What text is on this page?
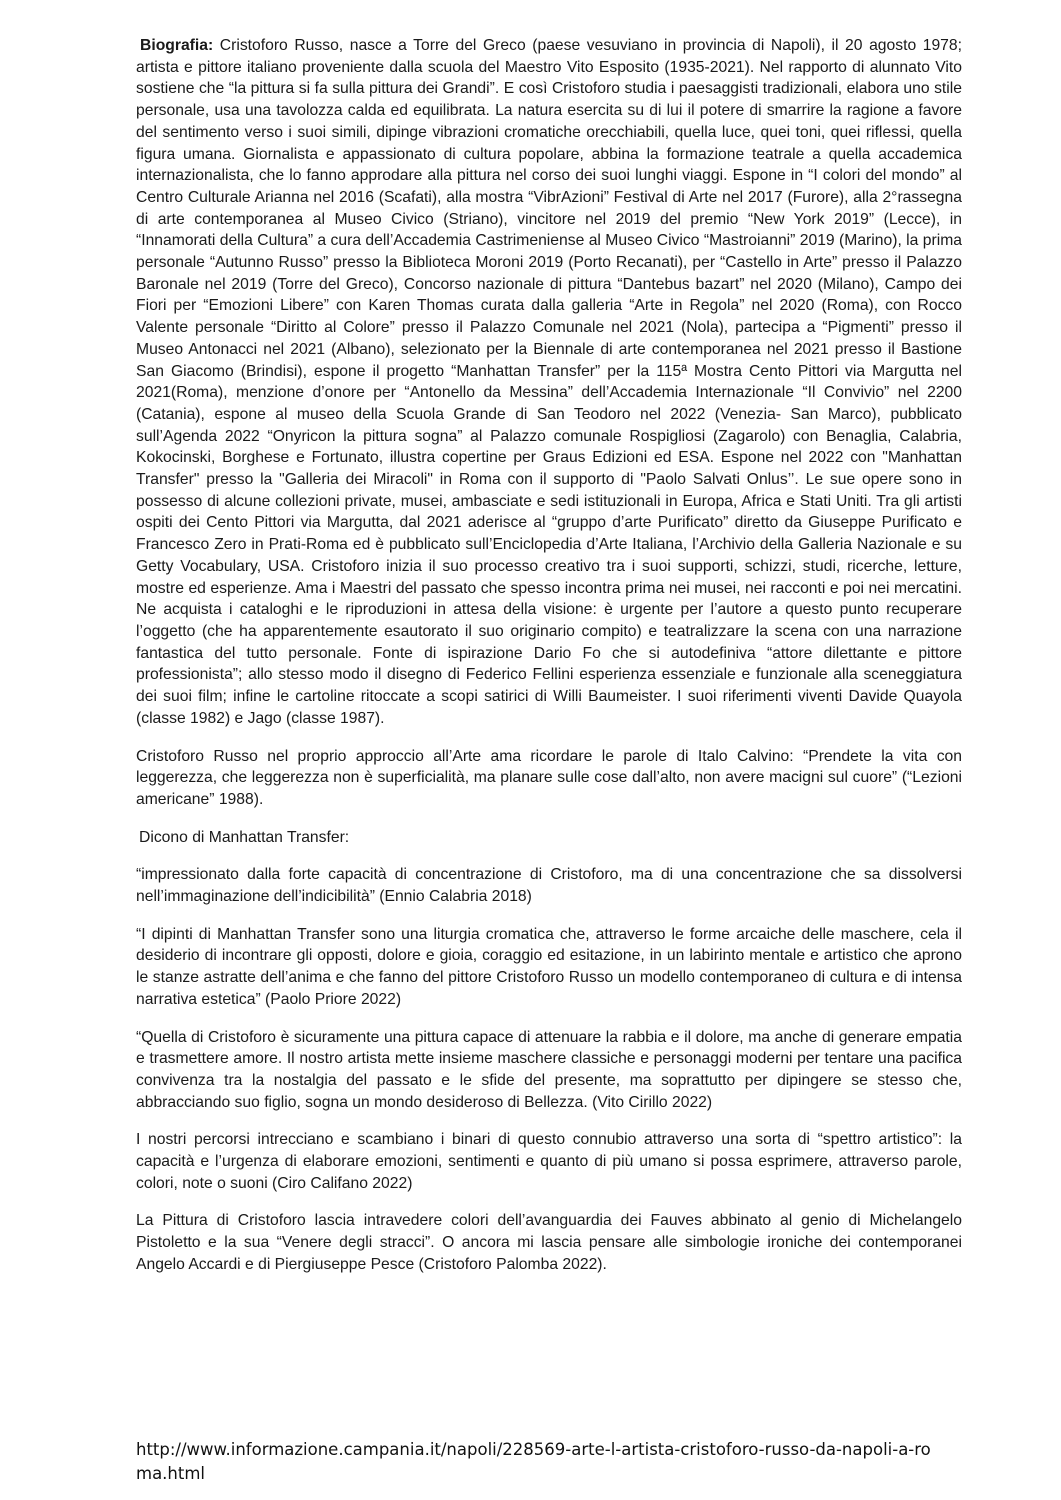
Biografia: Cristoforo Russo, nasce a Torre del Greco (paese vesuviano in provincia di Napoli), il 20 agosto 1978; artista e pittore italiano proveniente dalla scuola del Maestro Vito Esposito (1935-2021). Nel rapporto di alunnato Vito sostiene che “la pittura si fa sulla pittura dei Grandi”. E così Cristoforo studia i paesaggisti tradizionali, elabora uno stile personale, usa una tavolozza calda ed equilibrata. La natura esercita su di lui il potere di smarrire la ragione a favore del sentimento verso i suoi simili, dipinge vibrazioni cromatiche orecchiabili, quella luce, quei toni, quei riflessi, quella figura umana. Giornalista e appassionato di cultura popolare, abbina la formazione teatrale a quella accademica internazionalista, che lo fanno approdare alla pittura nel corso dei suoi lunghi viaggi. Espone in “I colori del mondo” al Centro Culturale Arianna nel 2016 (Scafati), alla mostra “VibrAzioni” Festival di Arte nel 2017 (Furore), alla 2°rassegna di arte contemporanea al Museo Civico (Striano), vincitore nel 2019 del premio “New York 2019” (Lecce), in “Innamorati della Cultura” a cura dell’Accademia Castrimeniense al Museo Civico “Mastroianni” 2019 (Marino), la prima personale “Autunno Russo” presso la Biblioteca Moroni 2019 (Porto Recanati), per “Castello in Arte” presso il Palazzo Baronale nel 2019 (Torre del Greco), Concorso nazionale di pittura “Dantebus bazart” nel 2020 (Milano), Campo dei Fiori per “Emozioni Libere” con Karen Thomas curata dalla galleria “Arte in Regola” nel 2020 (Roma), con Rocco Valente personale “Diritto al Colore” presso il Palazzo Comunale nel 2021 (Nola), partecipa a “Pigmenti” presso il Museo Antonacci nel 2021 (Albano), selezionato per la Biennale di arte contemporanea nel 2021 presso il Bastione San Giacomo (Brindisi), espone il progetto “Manhattan Transfer” per la 115ª Mostra Cento Pittori via Margutta nel 2021(Roma), menzione d’onore per “Antonello da Messina” dell’Accademia Internazionale “Il Convivio” nel 2200 (Catania), espone al museo della Scuola Grande di San Teodoro nel 2022 (Venezia- San Marco), pubblicato sull’Agenda 2022 “Onyricon la pittura sogna” al Palazzo comunale Rospigliosi (Zagarolo) con Benaglia, Calabria, Kokocinski, Borghese e Fortunato, illustra copertine per Graus Edizioni ed ESA. Espone nel 2022 con "Manhattan Transfer" presso la "Galleria dei Miracoli" in Roma con il supporto di "Paolo Salvati Onlus’’. Le sue opere sono in possesso di alcune collezioni private, musei, ambasciate e sedi istituzionali in Europa, Africa e Stati Uniti. Tra gli artisti ospiti dei Cento Pittori via Margutta, dal 2021 aderisce al “gruppo d’arte Purificato” diretto da Giuseppe Purificato e Francesco Zero in Prati-Roma ed è pubblicato sull’Enciclopedia d’Arte Italiana, l’Archivio della Galleria Nazionale e su Getty Vocabulary, USA. Cristoforo inizia il suo processo creativo tra i suoi supporti, schizzi, studi, ricerche, letture, mostre ed esperienze. Ama i Maestri del passato che spesso incontra prima nei musei, nei racconti e poi nei mercatini. Ne acquista i cataloghi e le riproduzioni in attesa della visione: è urgente per l’autore a questo punto recuperare l’oggetto (che ha apparentemente esautorato il suo originario compito) e teatralizzare la scena con una narrazione fantastica del tutto personale. Fonte di ispirazione Dario Fo che si autodefiniva “attore dilettante e pittore professionista”; allo stesso modo il disegno di Federico Fellini esperienza essenziale e funzionale alla sceneggiatura dei suoi film; infine le cartoline ritoccate a scopi satirici di Willi Baumeister. I suoi riferimenti viventi Davide Quayola (classe 1982) e Jago (classe 1987).

Cristoforo Russo nel proprio approccio all’Arte ama ricordare le parole di Italo Calvino: “Prendete la vita con leggerezza, che leggerezza non è superficialità, ma planare sulle cose dall’alto, non avere macigni sul cuore” (“Lezioni americane” 1988).

Dicono di Manhattan Transfer:

“impressionato dalla forte capacità di concentrazione di Cristoforo, ma di una concentrazione che sa dissolversi nell’immaginazione dell’indicibilità” (Ennio Calabria 2018)

“I dipinti di Manhattan Transfer sono una liturgia cromatica che, attraverso le forme arcaiche delle maschere, cela il desiderio di incontrare gli opposti, dolore e gioia, coraggio ed esitazione, in un labirinto mentale e artistico che aprono le stanze astratte dell’anima e che fanno del pittore Cristoforo Russo un modello contemporaneo di cultura e di intensa narrativa estetica” (Paolo Priore 2022)

“Quella di Cristoforo è sicuramente una pittura capace di attenuare la rabbia e il dolore, ma anche di generare empatia e trasmettere amore. Il nostro artista mette insieme maschere classiche e personaggi moderni per tentare una pacifica convivenza tra la nostalgia del passato e le sfide del presente, ma soprattutto per dipingere se stesso che, abbracciando suo figlio, sogna un mondo desideroso di Bellezza. (Vito Cirillo 2022)

I nostri percorsi intrecciano e scambiano i binari di questo connubio attraverso una sorta di “spettro artistico”: la capacità e l’urgenza di elaborare emozioni, sentimenti e quanto di più umano si possa esprimere, attraverso parole, colori, note o suoni (Ciro Califano 2022)

La Pittura di Cristoforo lascia intravedere colori dell’avanguardia dei Fauves abbinato al genio di Michelangelo Pistoletto e la sua “Venere degli stracci”. O ancora mi lascia pensare alle simbologie ironiche dei contemporanei Angelo Accardi e di Piergiuseppe Pesce (Cristoforo Palomba 2022).

http://www.informazione.campania.it/napoli/228569-arte-l-artista-cristoforo-russo-da-napoli-a-roma.html
